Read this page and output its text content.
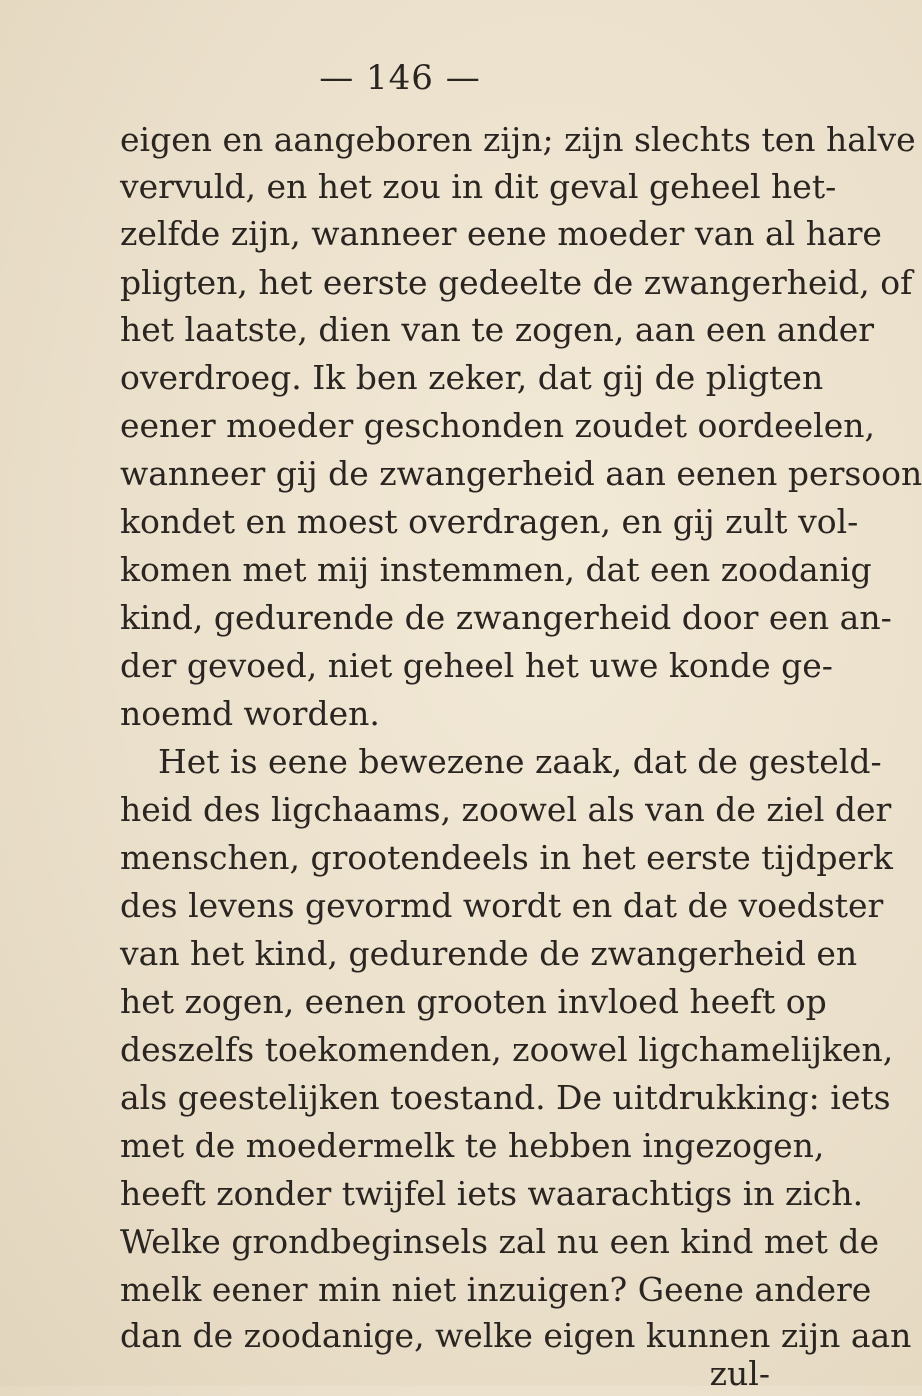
— 146 —
eigen en aangeboren zijn; zijn slechts ten halve
vervuld, en het zou in dit geval geheel het-
zelfde zijn, wanneer eene moeder van al hare
pligten, het eerste gedeelte de zwangerheid, of
het laatste, dien van te zogen, aan een ander
overdroeg. Ik ben zeker, dat gij de pligten
eener moeder geschonden zoudet oordeelen,
wanneer gij de zwangerheid aan eenen persoon
kondet en moest overdragen, en gij zult vol-
komen met mij instemmen, dat een zoodanig
kind, gedurende de zwangerheid door een an-
der gevoed, niet geheel het uwe konde ge-
noemd worden.
Het is eene bewezene zaak, dat de gesteld-
heid des ligchaams, zoowel als van de ziel der
menschen, grootendeels in het eerste tijdperk
des levens gevormd wordt en dat de voedster
van het kind, gedurende de zwangerheid en
het zogen, eenen grooten invloed heeft op
deszelfs toekomenden, zoowel ligchamelijken,
als geestelijken toestand. De uitdrukking: iets
met de moedermelk te hebben ingezogen,
heeft zonder twijfel iets waarachtigs in zich.
Welke grondbeginsels zal nu een kind met de
melk eener min niet inzuigen? Geene andere
dan de zoodanige, welke eigen kunnen zijn aan
zul-
